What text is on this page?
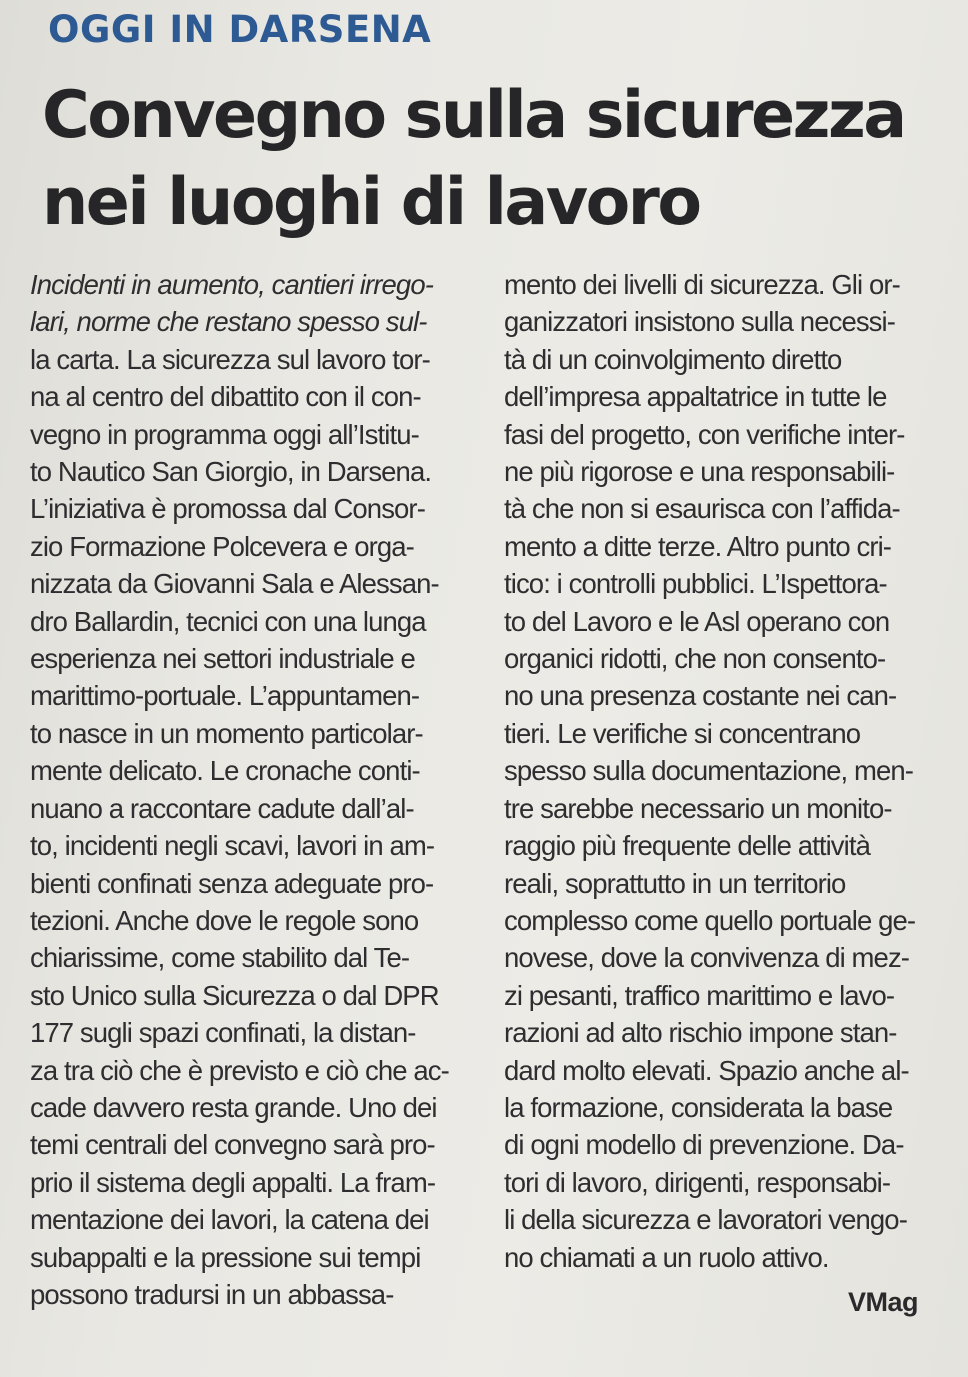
OGGI IN DARSENA
Convegno sulla sicurezza
nei luoghi di lavoro
Incidenti in aumento, cantieri irrego-
lari, norme che restano spesso sul-
la carta. La sicurezza sul lavoro tor-
na al centro del dibattito con il con-
vegno in programma oggi all’Istitu-
to Nautico San Giorgio, in Darsena.
L’iniziativa è promossa dal Consor-
zio Formazione Polcevera e orga-
nizzata da Giovanni Sala e Alessan-
dro Ballardin, tecnici con una lunga
esperienza nei settori industriale e
marittimo-portuale. L’appuntamen-
to nasce in un momento particolar-
mente delicato. Le cronache conti-
nuano a raccontare cadute dall’al-
to, incidenti negli scavi, lavori in am-
bienti confinati senza adeguate pro-
tezioni. Anche dove le regole sono
chiarissime, come stabilito dal Te-
sto Unico sulla Sicurezza o dal DPR
177 sugli spazi confinati, la distan-
za tra ciò che è previsto e ciò che ac-
cade davvero resta grande. Uno dei
temi centrali del convegno sarà pro-
prio il sistema degli appalti. La fram-
mentazione dei lavori, la catena dei
subappalti e la pressione sui tempi
possono tradursi in un abbassa-
mento dei livelli di sicurezza. Gli or-
ganizzatori insistono sulla necessi-
tà di un coinvolgimento diretto
dell’impresa appaltatrice in tutte le
fasi del progetto, con verifiche inter-
ne più rigorose e una responsabili-
tà che non si esaurisca con l’affida-
mento a ditte terze. Altro punto cri-
tico: i controlli pubblici. L’Ispettora-
to del Lavoro e le Asl operano con
organici ridotti, che non consento-
no una presenza costante nei can-
tieri. Le verifiche si concentrano
spesso sulla documentazione, men-
tre sarebbe necessario un monito-
raggio più frequente delle attività
reali, soprattutto in un territorio
complesso come quello portuale ge-
novese, dove la convivenza di mez-
zi pesanti, traffico marittimo e lavo-
razioni ad alto rischio impone stan-
dard molto elevati. Spazio anche al-
la formazione, considerata la base
di ogni modello di prevenzione. Da-
tori di lavoro, dirigenti, responsabi-
li della sicurezza e lavoratori vengo-
no chiamati a un ruolo attivo.
VMag
